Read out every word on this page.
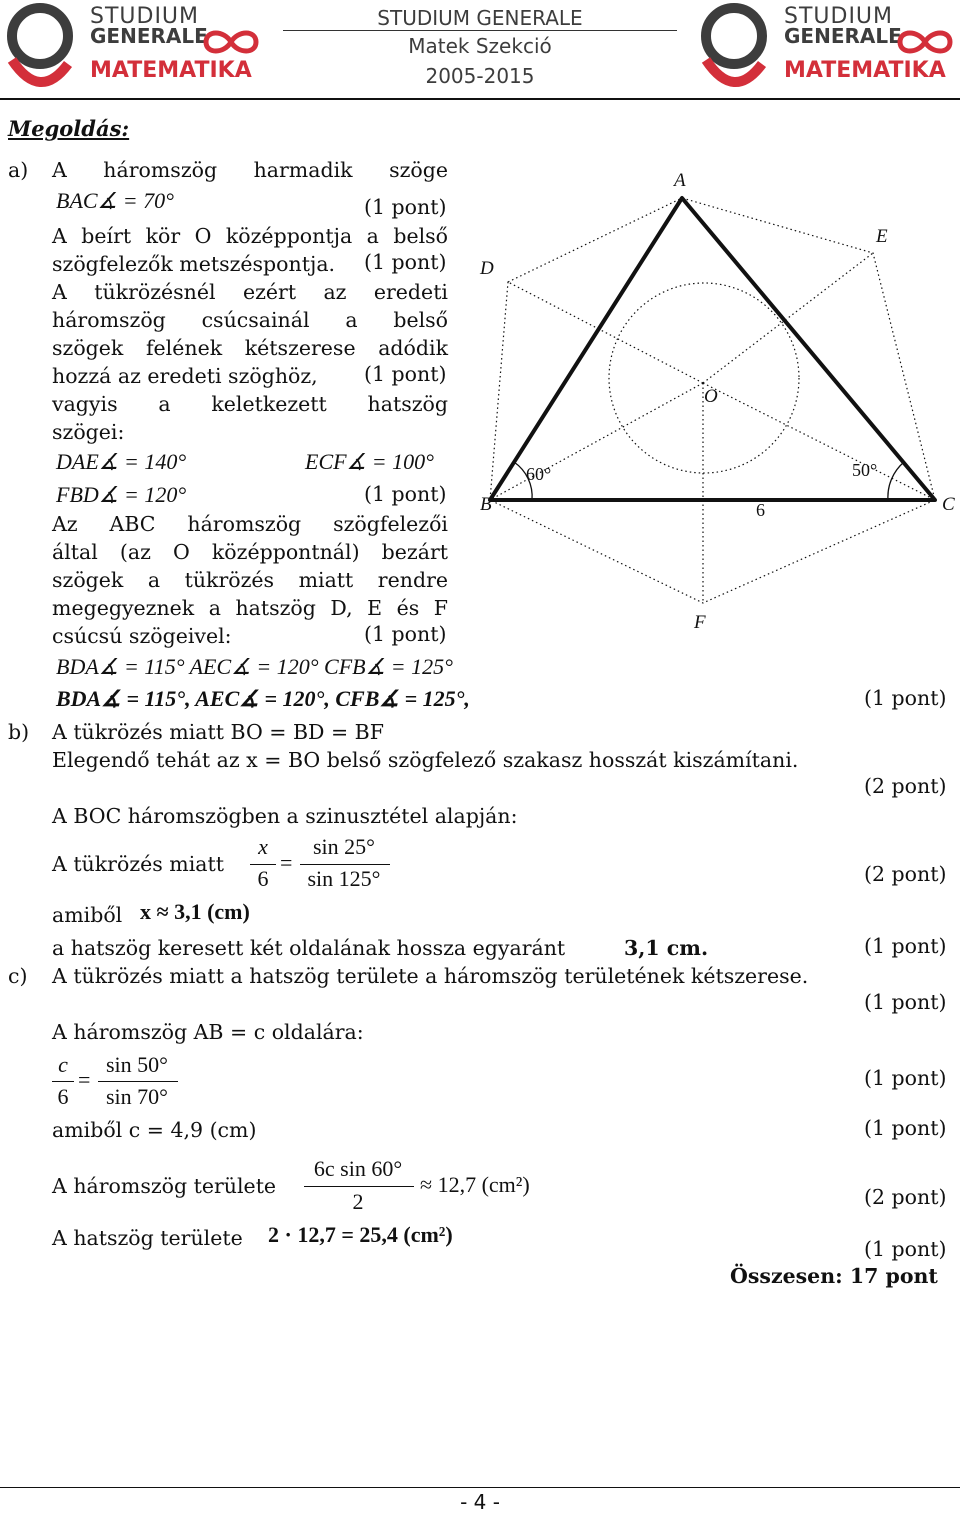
STUDIUM
GENERALE
MATEMATIKA
STUDIUM GENERALE
Matek Szekció
2005-2015
STUDIUM
GENERALE
MATEMATIKA
Megoldás:
a) A háromszög harmadik szöge
BAC∡ = 70°	(1 pont)
A beírt kör O középpontja a belső
szögfelezők metszéspontja. (1 pont)
A tükrözésnél ezért az eredeti
háromszög csúcsainál a belső
szögek felének kétszerese adódik
hozzá az eredeti szöghöz, (1 pont)
vagyis a keletkezett hatszög
szögei:
DAE∡ = 140°	ECF∡ = 100°
FBD∡ = 120°	(1 pont)
Az ABC háromszög szögfelezői
által (az O középpontnál) bezárt
szögek a tükrözés miatt rendre
megegyeznek a hatszög D, E és F
csúcsú szögeivel:	(1 pont)
BDA∡ = 115° AEC∡ = 120° CFB∡ = 125°
BDA∡ = 115°, AEC∡ = 120°, CFB∡ = 125°,	(1 pont)
A
B	C
D
E
F
O
60°	50°
6
b) A tükrözés miatt BO = BD = BF
Elegendő tehát az x = BO belső szögfelező szakasz hosszát kiszámítani.
(2 pont)
A BOC háromszögben a szinusztétel alapján:
A tükrözés miatt
x
6
=
sin 25°
sin 125°	(2 pont)
amiből x ≈ 3,1 (cm)
a hatszög keresett két oldalának hossza egyaránt	3,1 cm.	(1 pont)
c) A tükrözés miatt a hatszög területe a háromszög területének kétszerese.
(1 pont)
A háromszög AB = c oldalára:
c
6
=
sin 50°
sin 70°
(1 pont)
amiből c = 4,9 (cm)	(1 pont)
A háromszög területe
6c sin 60°
2
≈ 12,7 (cm²)	(2 pont)
A hatszög területe 2 · 12,7 = 25,4 (cm²)
(1 pont)
Összesen: 17 pont
- 4 -
